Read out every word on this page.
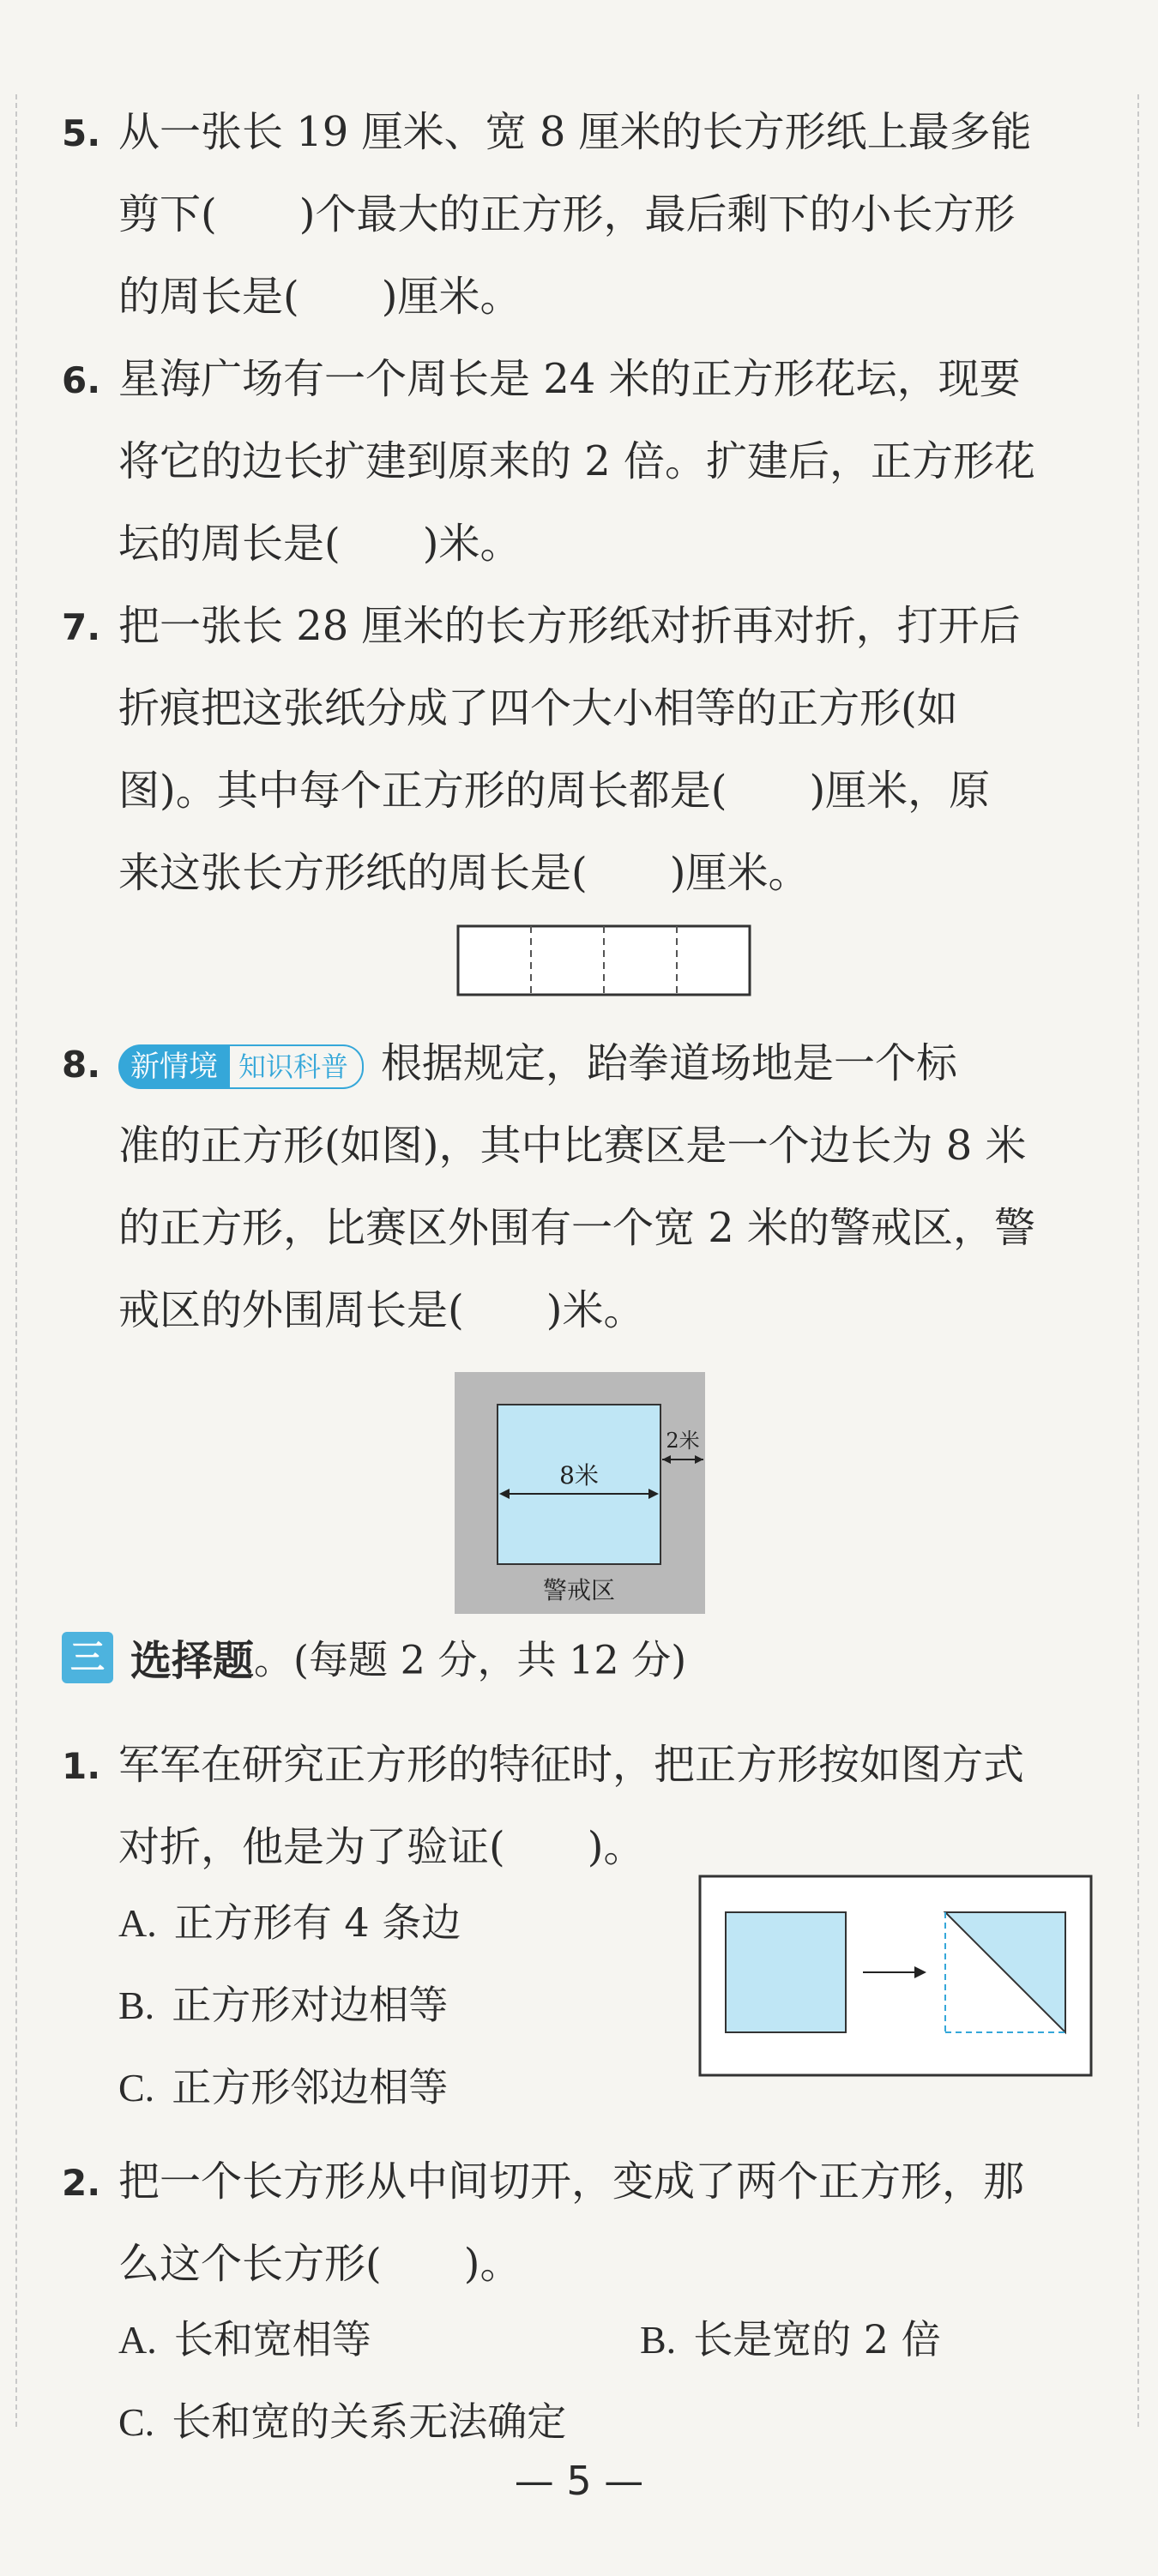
5. 从一张长 19 厘米、宽 8 厘米的长方形纸上最多能
剪下(　　)个最大的正方形，最后剩下的小长方形
的周长是(　　)厘米。
6. 星海广场有一个周长是 24 米的正方形花坛，现要
将它的边长扩建到原来的 2 倍。扩建后，正方形花
坛的周长是(　　)米。
7. 把一张长 28 厘米的长方形纸对折再对折，打开后
折痕把这张纸分成了四个大小相等的正方形(如
图)。其中每个正方形的周长都是(　　)厘米，原
来这张长方形纸的周长是(　　)厘米。
8. 新情境 知识科普 根据规定，跆拳道场地是一个标
准的正方形(如图)，其中比赛区是一个边长为 8 米
的正方形，比赛区外围有一个宽 2 米的警戒区，警
戒区的外围周长是(　　)米。
8米
2米
警戒区
三 选择题。(每题 2 分，共 12 分)
1. 军军在研究正方形的特征时，把正方形按如图方式
对折，他是为了验证(　　)。
A. 正方形有 4 条边
B. 正方形对边相等
C. 正方形邻边相等
2. 把一个长方形从中间切开，变成了两个正方形，那
么这个长方形(　　)。
A. 长和宽相等	B. 长是宽的 2 倍
C. 长和宽的关系无法确定
— 5 —
